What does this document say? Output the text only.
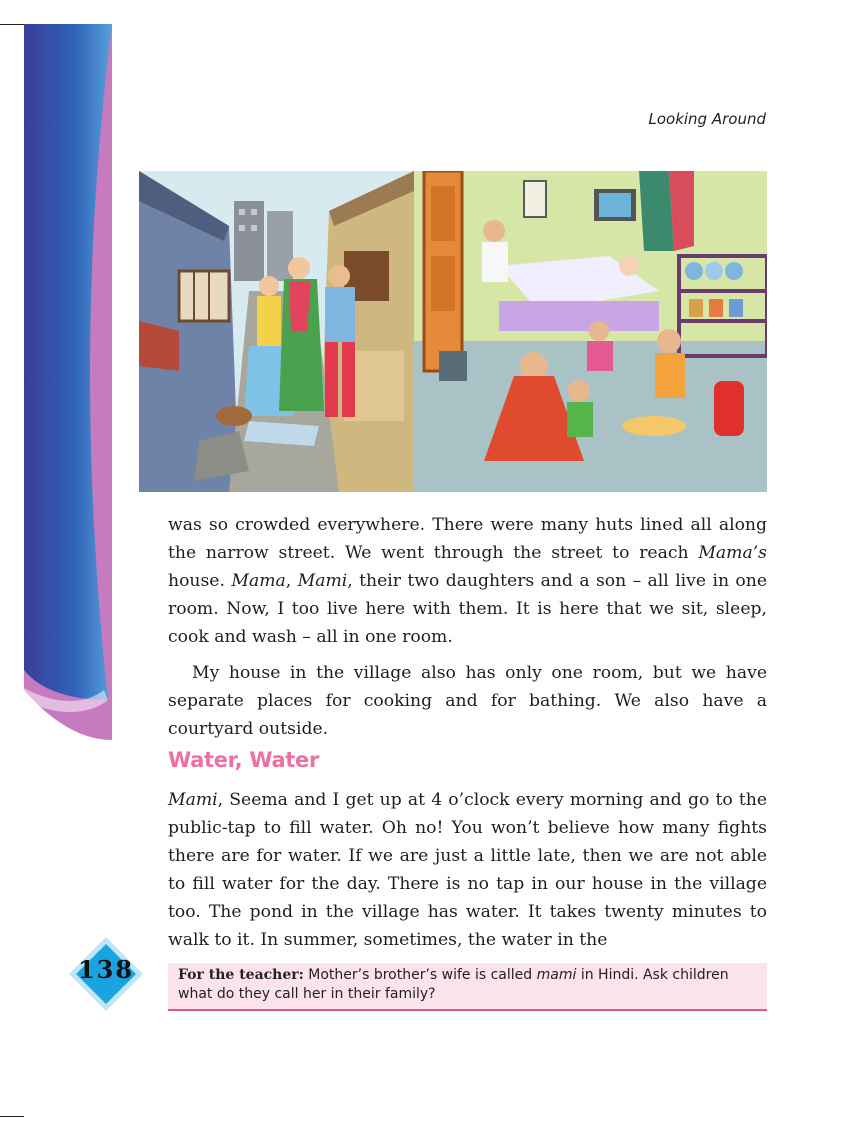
Looking Around

was so crowded everywhere. There were many huts lined all along the narrow street. We went through the street to reach Mama’s house. Mama, Mami, their two daughters and a son – all live in one room. Now, I too live here with them. It is here that we sit, sleep, cook and wash – all in one room.

My house in the village also has only one room, but we have separate places for cooking and for bathing. We also have a courtyard outside.

Water, Water

Mami, Seema and I get up at 4 o’clock every morning and go to the public-tap to fill water. Oh no! You won’t believe how many fights there are for water. If we are just a little late, then we are not able to fill water for the day. There is no tap in our house in the village too. The pond in the village has water. It takes twenty minutes to walk to it. In summer, sometimes, the water in the

138	For the teacher: Mother’s brother’s wife is called mami in Hindi. Ask children what do they call her in their family?
